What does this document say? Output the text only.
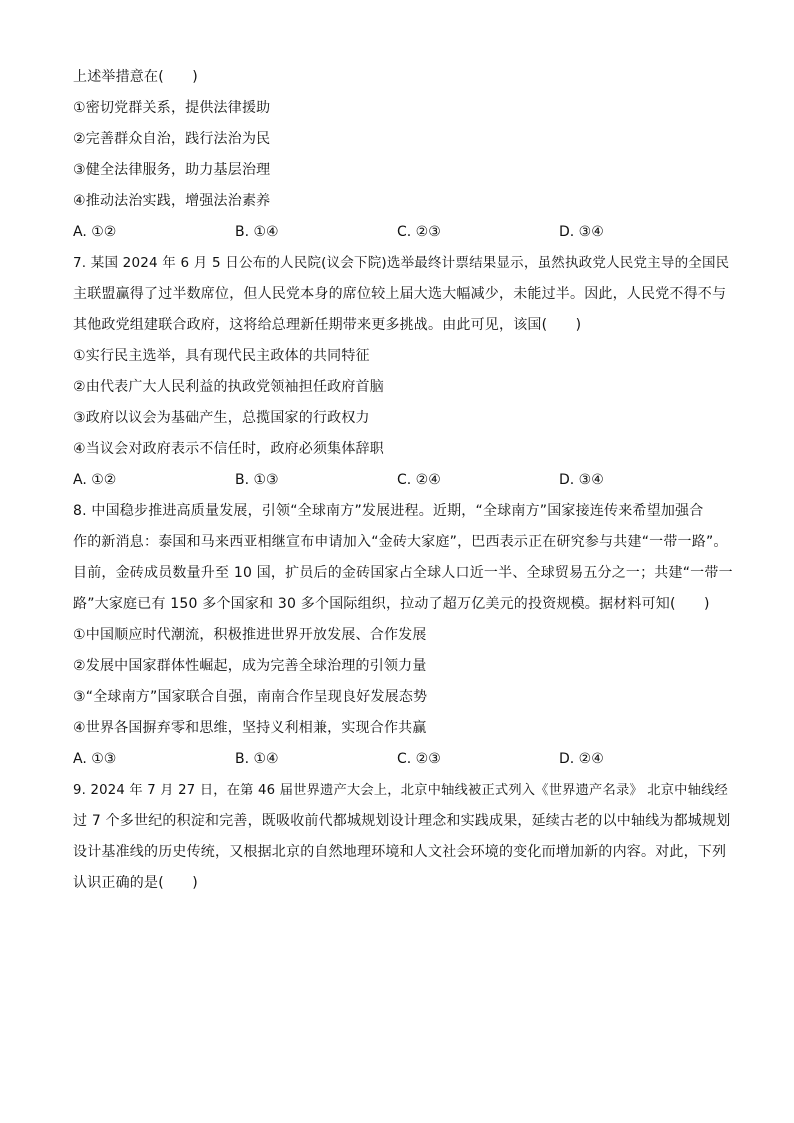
上述举措意在(　　)
①密切党群关系，提供法律援助
②完善群众自治，践行法治为民
③健全法律服务，助力基层治理
④推动法治实践，增强法治素养
A. ①②	B. ①④	C. ②③	D. ③④
7. 某国 2024 年 6 月 5 日公布的人民院(议会下院)选举最终计票结果显示，虽然执政党人民党主导的全国民
主联盟赢得了过半数席位，但人民党本身的席位较上届大选大幅减少，未能过半。因此，人民党不得不与
其他政党组建联合政府，这将给总理新任期带来更多挑战。由此可见，该国(　　)
①实行民主选举，具有现代民主政体的共同特征
②由代表广大人民利益的执政党领袖担任政府首脑
③政府以议会为基础产生，总揽国家的行政权力
④当议会对政府表示不信任时，政府必须集体辞职
A. ①②	B. ①③	C. ②④	D. ③④
8. 中国稳步推进高质量发展，引领“全球南方”发展进程。近期，“全球南方”国家接连传来希望加强合
作的新消息：泰国和马来西亚相继宣布申请加入“金砖大家庭”，巴西表示正在研究参与共建“一带一路”。
目前，金砖成员数量升至 10 国，扩员后的金砖国家占全球人口近一半、全球贸易五分之一；共建“一带一
路”大家庭已有 150 多个国家和 30 多个国际组织，拉动了超万亿美元的投资规模。据材料可知(　　)
①中国顺应时代潮流，积极推进世界开放发展、合作发展
②发展中国家群体性崛起，成为完善全球治理的引领力量
③“全球南方”国家联合自强，南南合作呈现良好发展态势
④世界各国摒弃零和思维，坚持义利相兼，实现合作共赢
A. ①③	B. ①④	C. ②③	D. ②④
9. 2024 年 7 月 27 日，在第 46 届世界遗产大会上，北京中轴线被正式列入《世界遗产名录》 北京中轴线经
过 7 个多世纪的积淀和完善，既吸收前代都城规划设计理念和实践成果，延续古老的以中轴线为都城规划
设计基准线的历史传统，又根据北京的自然地理环境和人文社会环境的变化而增加新的内容。对此，下列
认识正确的是(　　)
